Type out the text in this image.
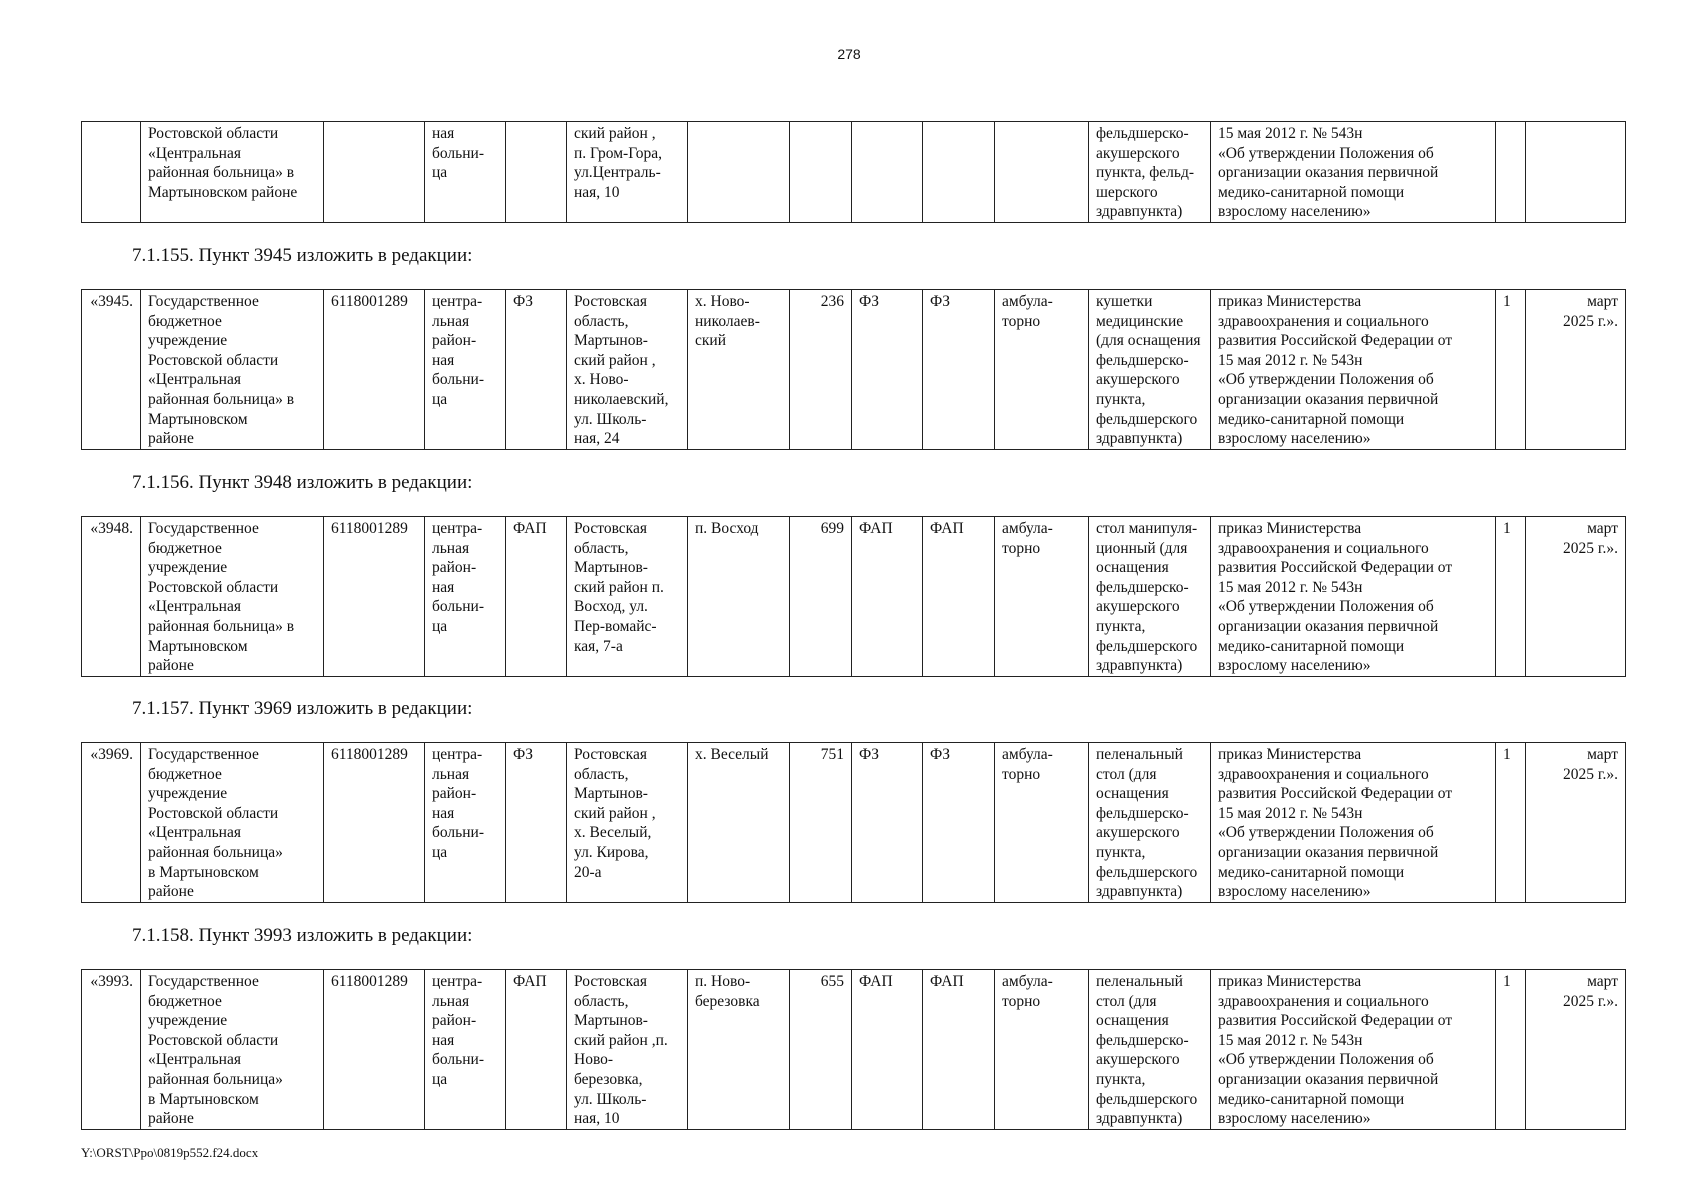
278
	Ростовской области
«Центральная
районная больница» в
Мартыновском районе		ная
больни-
ца		ский район ,
п. Гром-Гора,
ул.Централь-
ная, 10						фельдшерско-
акушерского
пункта, фельд-
шерского
здравпункта)	15 мая 2012 г. № 543н
«Об утверждении Положения об
организации оказания первичной
медико-санитарной помощи
взрослому населению»		
7.1.155. Пункт 3945 изложить в редакции:
«3945.	Государственное
бюджетное
учреждение
Ростовской области
«Центральная
районная больница» в
Мартыновском
районе	6118001289	центра-
льная
район-
ная
больни-
ца	ФЗ	Ростовская
область,
Мартынов-
ский район ,
х. Ново-
николаевский,
ул. Школь-
ная, 24	х. Ново-
николаев-
ский	236	ФЗ	ФЗ	амбула-
торно	кушетки
медицинские
(для оснащения
фельдшерско-
акушерского
пункта,
фельдшерского
здравпункта)	приказ Министерства
здравоохранения и социального
развития Российской Федерации от
15 мая 2012 г. № 543н
«Об утверждении Положения об
организации оказания первичной
медико-санитарной помощи
взрослому населению»	1	март
2025 г.».
7.1.156. Пункт 3948 изложить в редакции:
«3948.	Государственное
бюджетное
учреждение
Ростовской области
«Центральная
районная больница» в
Мартыновском
районе	6118001289	центра-
льная
район-
ная
больни-
ца	ФАП	Ростовская
область,
Мартынов-
ский район п.
Восход, ул.
Пер-вомайс-
кая, 7-а	п. Восход	699	ФАП	ФАП	амбула-
торно	стол манипуля-
ционный (для
оснащения
фельдшерско-
акушерского
пункта,
фельдшерского
здравпункта)	приказ Министерства
здравоохранения и социального
развития Российской Федерации от
15 мая 2012 г. № 543н
«Об утверждении Положения об
организации оказания первичной
медико-санитарной помощи
взрослому населению»	1	март
2025 г.».
7.1.157. Пункт 3969 изложить в редакции:
«3969.	Государственное
бюджетное
учреждение
Ростовской области
«Центральная
районная больница»
в Мартыновском
районе	6118001289	центра-
льная
район-
ная
больни-
ца	ФЗ	Ростовская
область,
Мартынов-
ский район ,
х. Веселый,
ул. Кирова,
20-а	х. Веселый	751	ФЗ	ФЗ	амбула-
торно	пеленальный
стол (для
оснащения
фельдшерско-
акушерского
пункта,
фельдшерского
здравпункта)	приказ Министерства
здравоохранения и социального
развития Российской Федерации от
15 мая 2012 г. № 543н
«Об утверждении Положения об
организации оказания первичной
медико-санитарной помощи
взрослому населению»	1	март
2025 г.».
7.1.158. Пункт 3993 изложить в редакции:
«3993.	Государственное
бюджетное
учреждение
Ростовской области
«Центральная
районная больница»
в Мартыновском
районе	6118001289	центра-
льная
район-
ная
больни-
ца	ФАП	Ростовская
область,
Мартынов-
ский район ,п.
Ново-
березовка,
ул. Школь-
ная, 10	п. Ново-
березовка	655	ФАП	ФАП	амбула-
торно	пеленальный
стол (для
оснащения
фельдшерско-
акушерского
пункта,
фельдшерского
здравпункта)	приказ Министерства
здравоохранения и социального
развития Российской Федерации от
15 мая 2012 г. № 543н
«Об утверждении Положения об
организации оказания первичной
медико-санитарной помощи
взрослому населению»	1	март
2025 г.».
Y:\ORST\Ppo\0819p552.f24.docx
